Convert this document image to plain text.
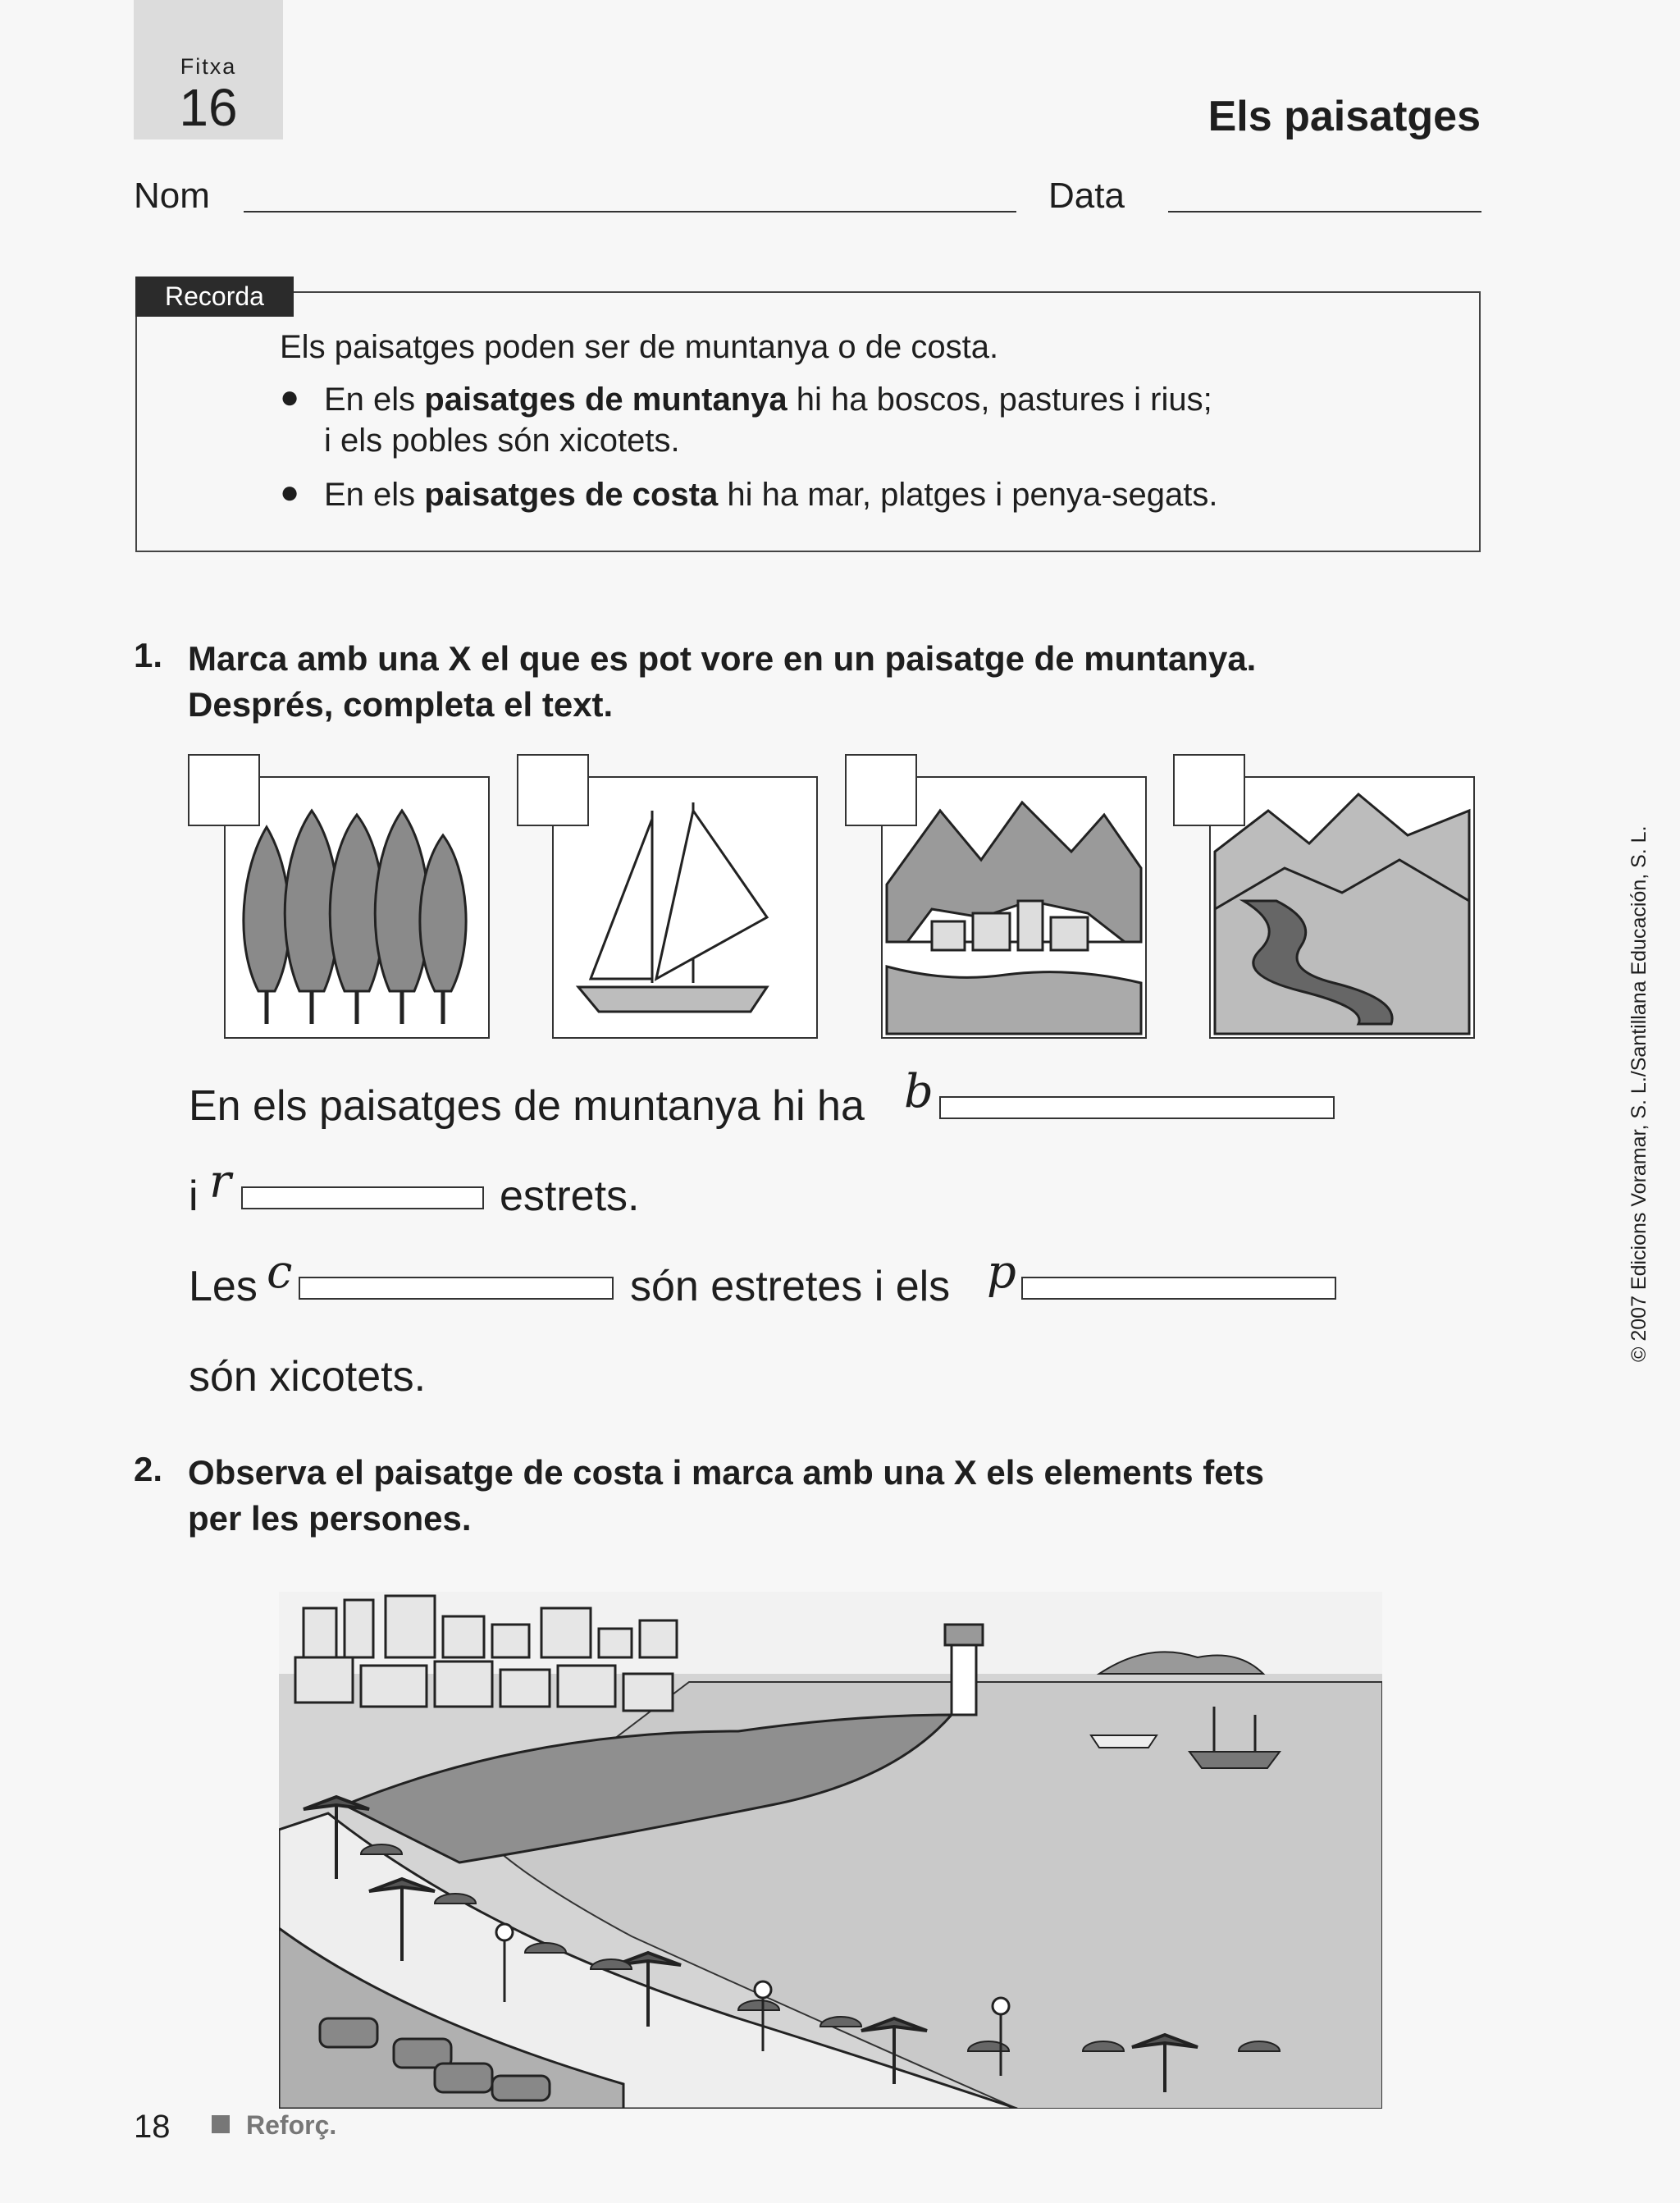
Fitxa
16	Els paisatges
Nom	Data
Recorda
Els paisatges poden ser de muntanya o de costa.
● En els paisatges de muntanya hi ha boscos, pastures i rius;
i els pobles són xicotets.
● En els paisatges de costa hi ha mar, platges i penya-segats.
1. Marca amb una X el que es pot vore en un paisatge de muntanya.
Després, completa el text.
En els paisatges de muntanya hi ha b
i r	estrets.
Les c	són estretes i els p
són xicotets.
2. Observa el paisatge de costa i marca amb una X els elements fets
per les persones.
© 2007 Edicions Voramar, S. L./Santillana Educación, S. L.
18	Reforç.
